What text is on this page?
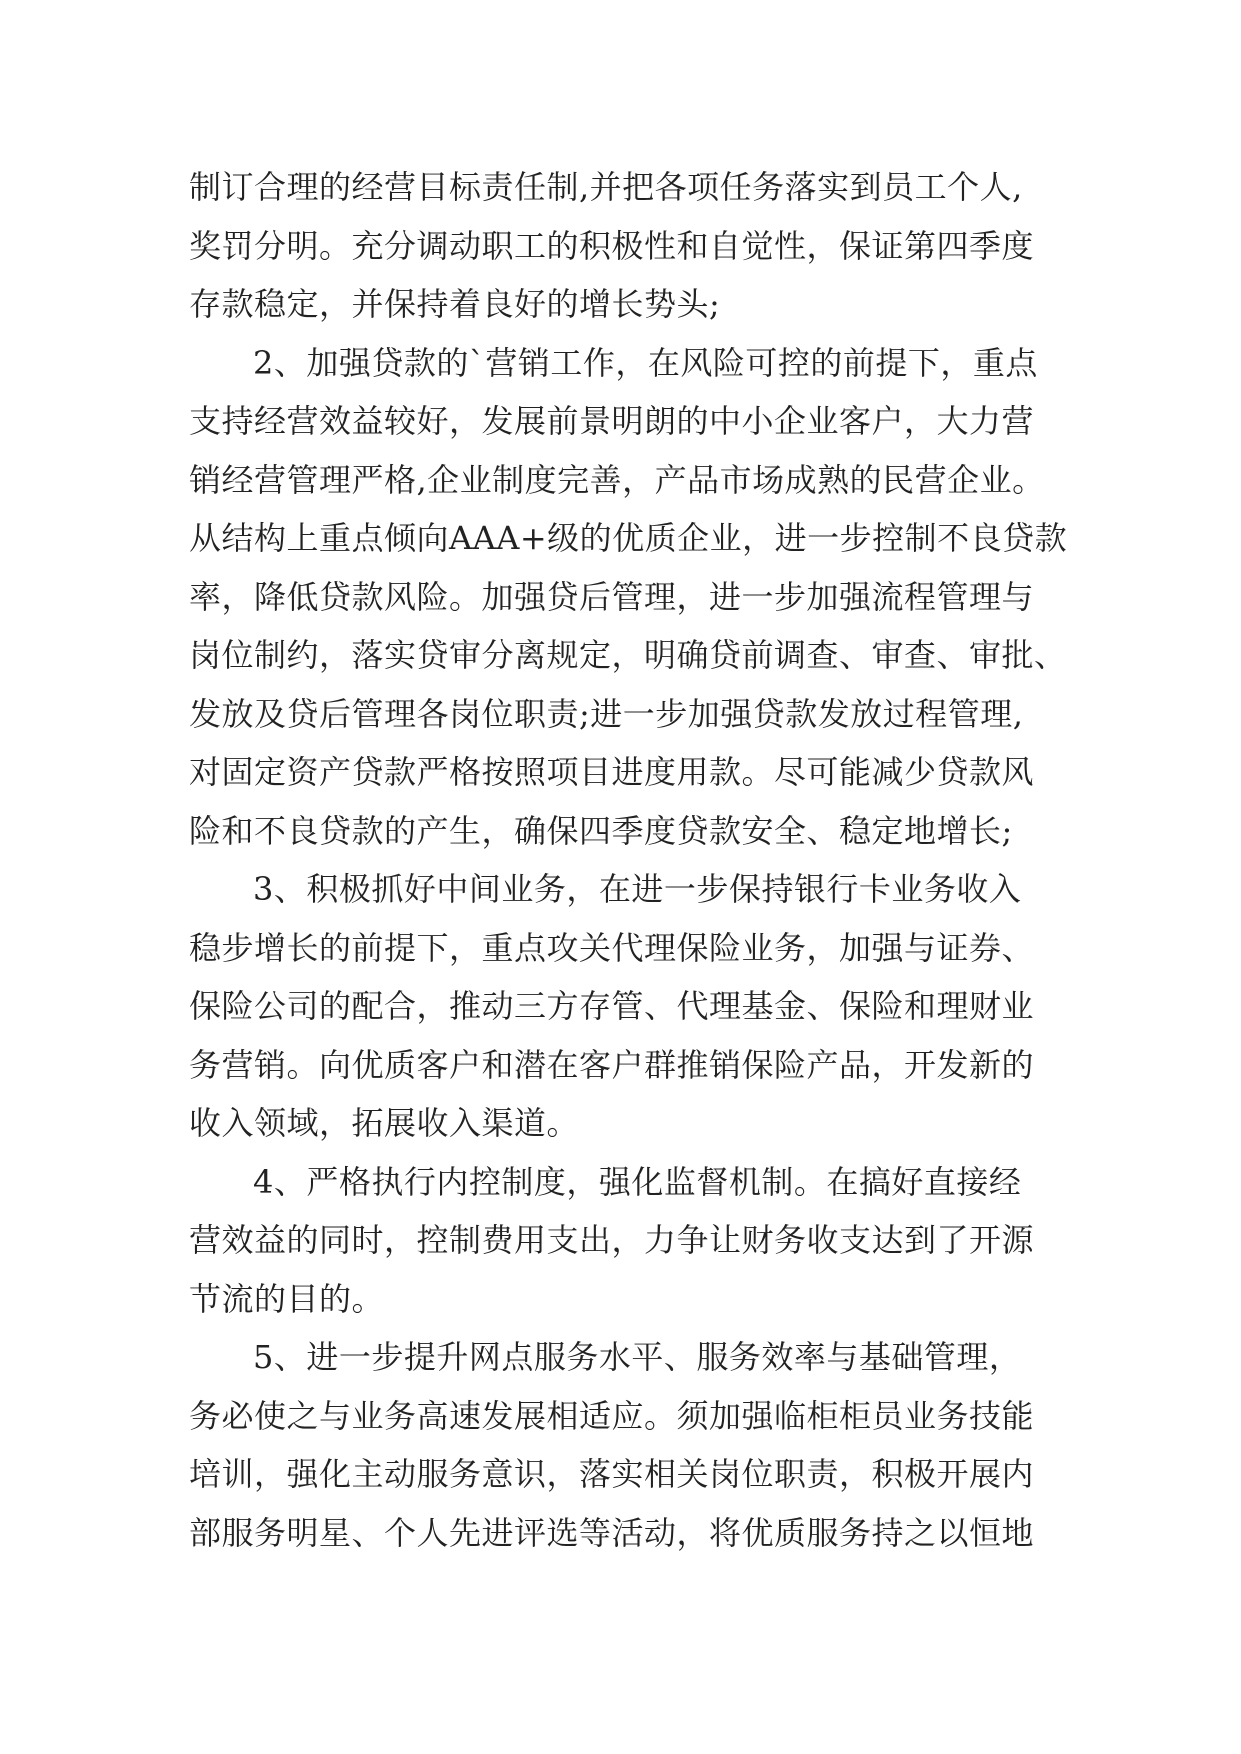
制订合理的经营目标责任制,并把各项任务落实到员工个人,
奖罚分明。充分调动职工的积极性和自觉性，保证第四季度
存款稳定，并保持着良好的增长势头;
2、加强贷款的`营销工作，在风险可控的前提下，重点
支持经营效益较好，发展前景明朗的中小企业客户，大力营
销经营管理严格,企业制度完善，产品市场成熟的民营企业。
从结构上重点倾向AAA+级的优质企业，进一步控制不良贷款
率，降低贷款风险。加强贷后管理，进一步加强流程管理与
岗位制约，落实贷审分离规定，明确贷前调查、审查、审批、
发放及贷后管理各岗位职责;进一步加强贷款发放过程管理,
对固定资产贷款严格按照项目进度用款。尽可能减少贷款风
险和不良贷款的产生，确保四季度贷款安全、稳定地增长;
3、积极抓好中间业务，在进一步保持银行卡业务收入
稳步增长的前提下，重点攻关代理保险业务，加强与证券、
保险公司的配合，推动三方存管、代理基金、保险和理财业
务营销。向优质客户和潜在客户群推销保险产品，开发新的
收入领域，拓展收入渠道。
4、严格执行内控制度，强化监督机制。在搞好直接经
营效益的同时，控制费用支出，力争让财务收支达到了开源
节流的目的。
5、进一步提升网点服务水平、服务效率与基础管理，
务必使之与业务高速发展相适应。须加强临柜柜员业务技能
培训，强化主动服务意识，落实相关岗位职责，积极开展内
部服务明星、个人先进评选等活动，将优质服务持之以恒地
